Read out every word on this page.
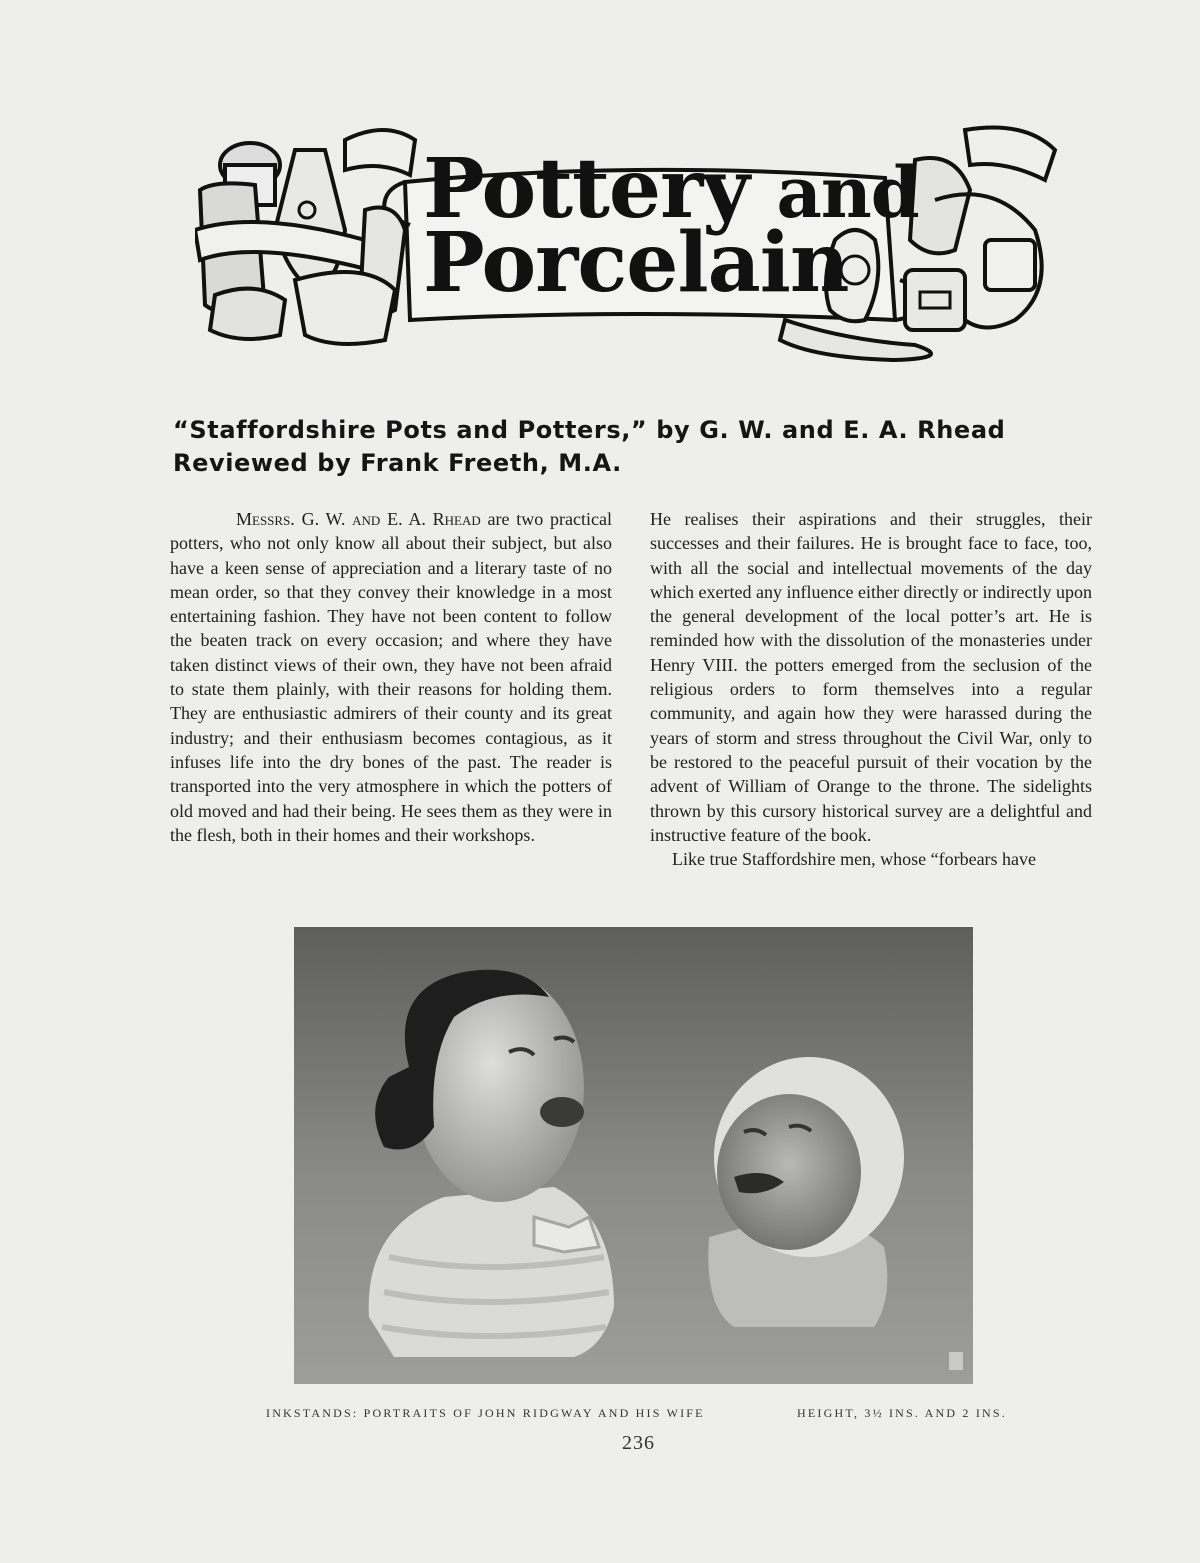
Pottery and
Porcelain
“Staffordshire Pots and Potters,” by G. W. and E. A. Rhead
Reviewed by Frank Freeth, M.A.

Messrs. G. W. and E. A. Rhead are two practical potters, who not only know all about their subject, but also have a keen sense of appreciation and a literary taste of no mean order, so that they convey their knowledge in a most entertaining fashion. They have not been content to follow the beaten track on every occasion; and where they have taken distinct views of their own, they have not been afraid to state them plainly, with their reasons for holding them. They are enthusiastic admirers of their county and its great industry; and their enthusiasm becomes contagious, as it infuses life into the dry bones of the past. The reader is transported into the very atmosphere in which the potters of old moved and had their being. He sees them as they were in the flesh, both in their homes and their workshops.

He realises their aspirations and their struggles, their successes and their failures. He is brought face to face, too, with all the social and intellectual movements of the day which exerted any influence either directly or indirectly upon the general development of the local potter’s art. He is reminded how with the dissolution of the monasteries under Henry VIII. the potters emerged from the seclusion of the religious orders to form themselves into a regular community, and again how they were harassed during the years of storm and stress throughout the Civil War, only to be restored to the peaceful pursuit of their vocation by the advent of William of Orange to the throne. The sidelights thrown by this cursory historical survey are a delightful and instructive feature of the book.

Like true Staffordshire men, whose “forbears have

INKSTANDS: PORTRAITS OF JOHN RIDGWAY AND HIS WIFE	HEIGHT, 3½ INS. AND 2 INS.
236
